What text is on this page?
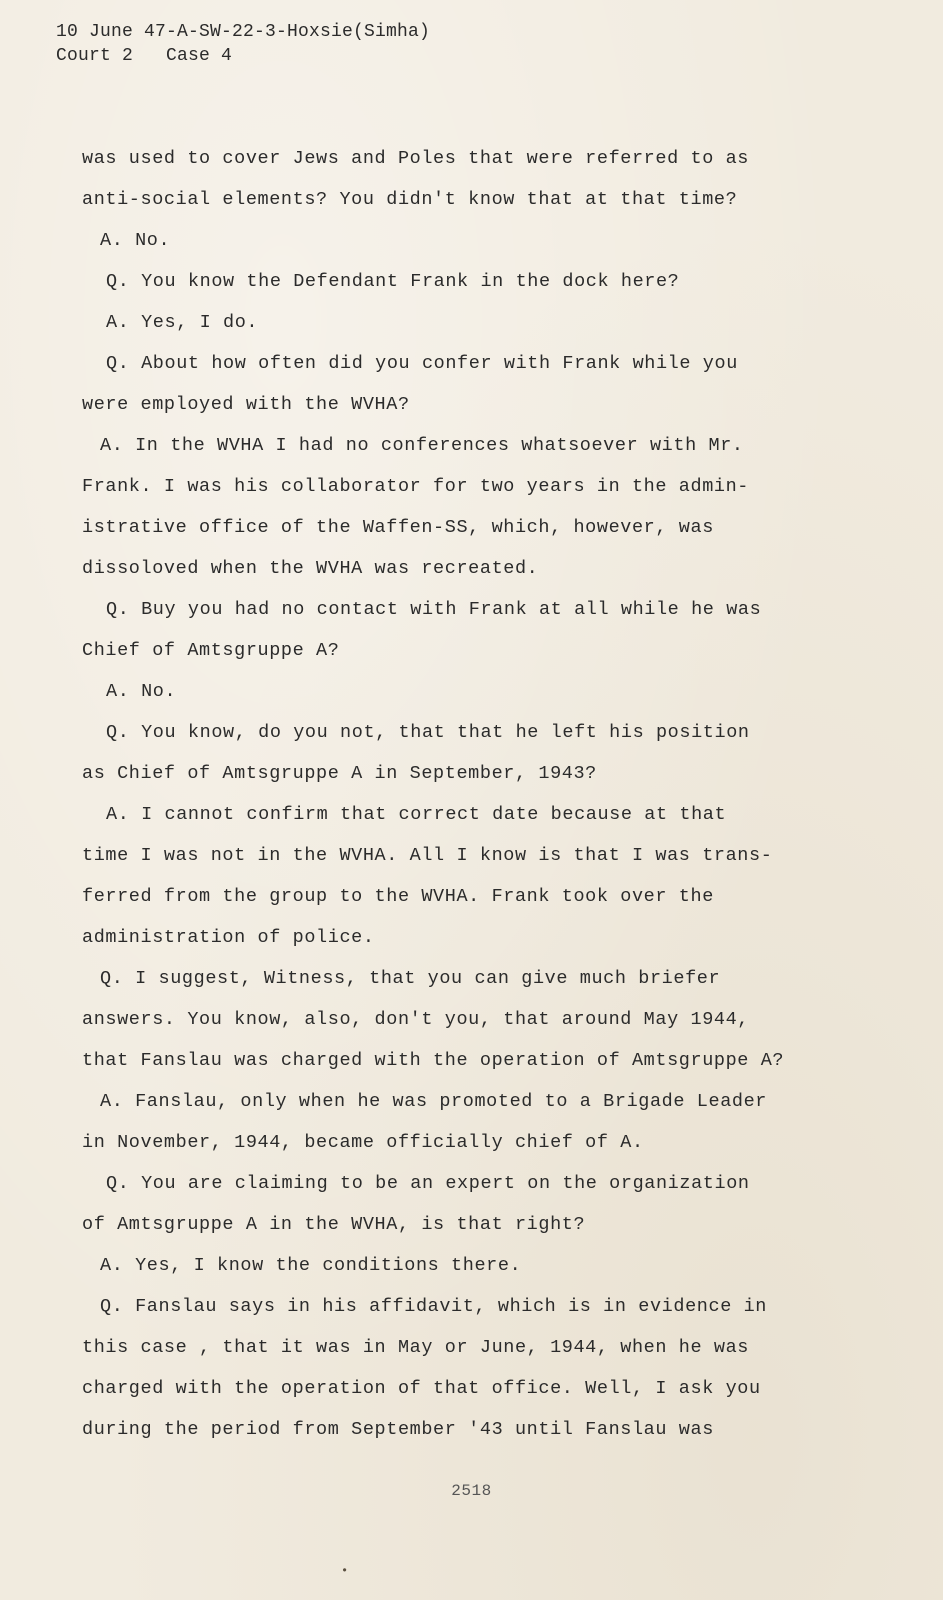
10 June 47-A-SW-22-3-Hoxsie(Simha)
Court 2   Case 4
was used to cover Jews and Poles that were referred to as
anti-social elements? You didn't know that at that time?
A. No.
Q. You know the Defendant Frank in the dock here?
A. Yes, I do.
Q. About how often did you confer with Frank while you
were employed with the WVHA?
A. In the WVHA I had no conferences whatsoever with Mr.
Frank. I was his collaborator for two years in the admin-
istrative office of the Waffen-SS, which, however, was
dissoloved when the WVHA was recreated.
Q. Buy you had no contact with Frank at all while he was
Chief of Amtsgruppe A?
A. No.
Q. You know, do you not, that that he left his position
as Chief of Amtsgruppe A in September, 1943?
A. I cannot confirm that correct date because at that
time I was not in the WVHA. All I know is that I was trans-
ferred from the group to the WVHA. Frank took over the
administration of police.
Q. I suggest, Witness, that you can give much briefer
answers. You know, also, don't you, that around May 1944,
that Fanslau was charged with the operation of Amtsgruppe A?
A. Fanslau, only when he was promoted to a Brigade Leader
in November, 1944, became officially chief of A.
Q. You are claiming to be an expert on the organization
of Amtsgruppe A in the WVHA, is that right?
A. Yes, I know the conditions there.
Q. Fanslau says in his affidavit, which is in evidence in
this case , that it was in May or June, 1944, when he was
charged with the operation of that office. Well, I ask you
during the period from September '43 until Fanslau was
2518
•
